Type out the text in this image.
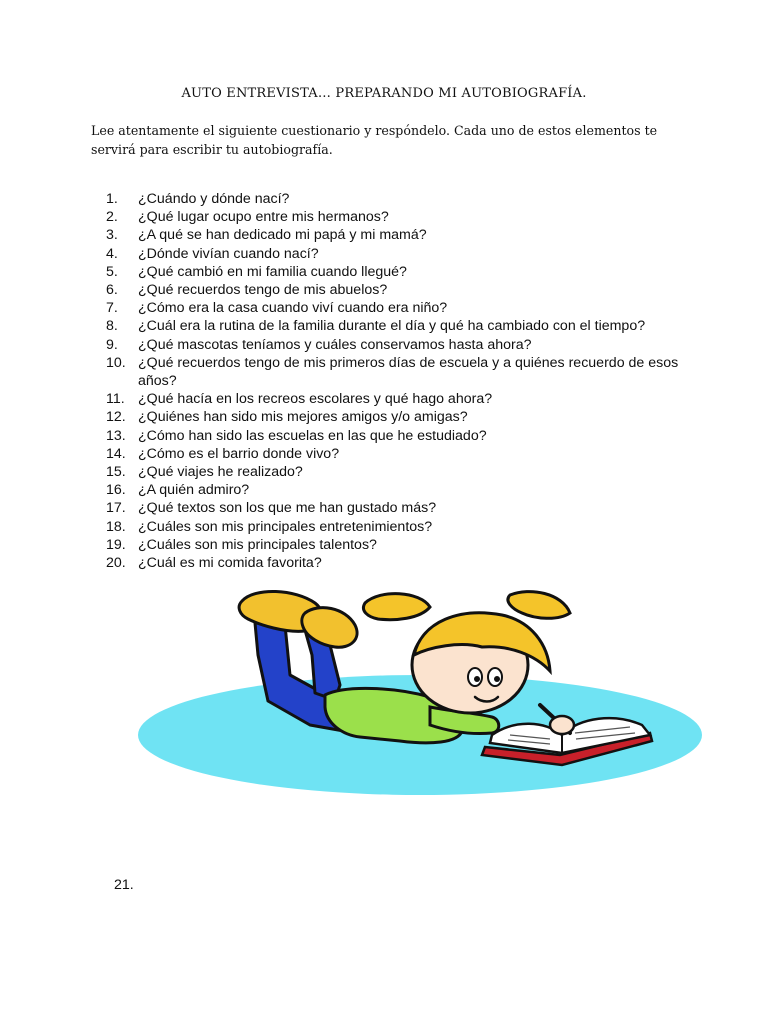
AUTO ENTREVISTA… PREPARANDO MI AUTOBIOGRAFÍA.

Lee atentamente el siguiente cuestionario y respóndelo. Cada uno de estos elementos te servirá para escribir tu autobiografía.

1.	¿Cuándo y dónde nací?
2.	¿Qué lugar ocupo entre mis hermanos?
3.	¿A qué se han dedicado mi papá y mi mamá?
4.	¿Dónde vivían cuando nací?
5.	¿Qué cambió en mi familia cuando llegué?
6.	¿Qué recuerdos tengo de mis abuelos?
7.	¿Cómo era la casa cuando viví cuando era niño?
8.	¿Cuál era la rutina de la familia durante el día y qué ha cambiado con el tiempo?
9.	¿Qué mascotas teníamos y cuáles conservamos hasta ahora?
10. ¿Qué recuerdos tengo de mis primeros días de escuela y a quiénes recuerdo de esos años?
11. ¿Qué hacía en los recreos escolares y qué hago ahora?
12. ¿Quiénes han sido mis mejores amigos y/o amigas?
13. ¿Cómo han sido las escuelas en las que he estudiado?
14. ¿Cómo es el barrio donde vivo?
15. ¿Qué viajes he realizado?
16. ¿A quién admiro?
17. ¿Qué textos son los que me han gustado más?
18. ¿Cuáles son mis principales entretenimientos?
19. ¿Cuáles son mis principales talentos?
20. ¿Cuál es mi comida favorita?
21.
